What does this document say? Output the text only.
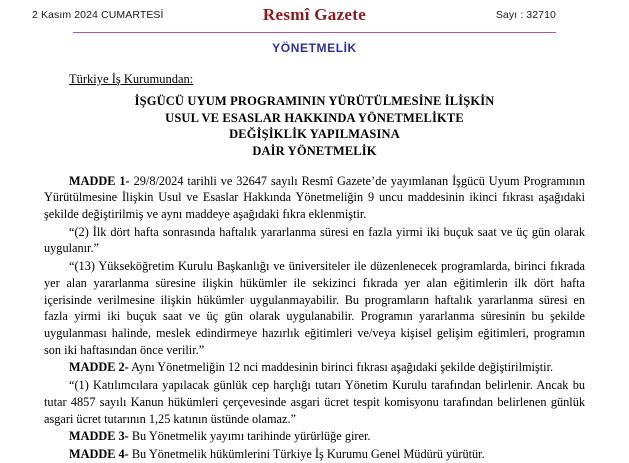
2 Kasım 2024 CUMARTESİ	Resmî Gazete	Sayı : 32710
YÖNETMELİK
Türkiye İş Kurumundan:
İŞGÜCÜ UYUM PROGRAMININ YÜRÜTÜLMESİNE İLİŞKİN
USUL VE ESASLAR HAKKINDA YÖNETMELİKTE
DEĞİŞİKLİK YAPILMASINA
DAİR YÖNETMELİK

MADDE 1- 29/8/2024 tarihli ve 32647 sayılı Resmî Gazete’de yayımlanan İşgücü Uyum Programının Yürütülmesine İlişkin Usul ve Esaslar Hakkında Yönetmeliğin 9 uncu maddesinin ikinci fıkrası aşağıdaki şekilde değiştirilmiş ve aynı maddeye aşağıdaki fıkra eklenmiştir.

“(2) İlk dört hafta sonrasında haftalık yararlanma süresi en fazla yirmi iki buçuk saat ve üç gün olarak uygulanır.”

“(13) Yükseköğretim Kurulu Başkanlığı ve üniversiteler ile düzenlenecek programlarda, birinci fıkrada yer alan yararlanma süresine ilişkin hükümler ile sekizinci fıkrada yer alan eğitimlerin ilk dört hafta içerisinde verilmesine ilişkin hükümler uygulanmayabilir. Bu programların haftalık yararlanma süresi en fazla yirmi iki buçuk saat ve üç gün olarak uygulanabilir. Programın yararlanma süresinin bu şekilde uygulanması halinde, meslek edindirmeye hazırlık eğitimleri ve/veya kişisel gelişim eğitimleri, programın son iki haftasından önce verilir.”

MADDE 2- Aynı Yönetmeliğin 12 nci maddesinin birinci fıkrası aşağıdaki şekilde değiştirilmiştir.

“(1) Katılımcılara yapılacak günlük cep harçlığı tutarı Yönetim Kurulu tarafından belirlenir. Ancak bu tutar 4857 sayılı Kanun hükümleri çerçevesinde asgari ücret tespit komisyonu tarafından belirlenen günlük asgari ücret tutarının 1,25 katının üstünde olamaz.”

MADDE 3- Bu Yönetmelik yayımı tarihinde yürürlüğe girer.

MADDE 4- Bu Yönetmelik hükümlerini Türkiye İş Kurumu Genel Müdürü yürütür.
